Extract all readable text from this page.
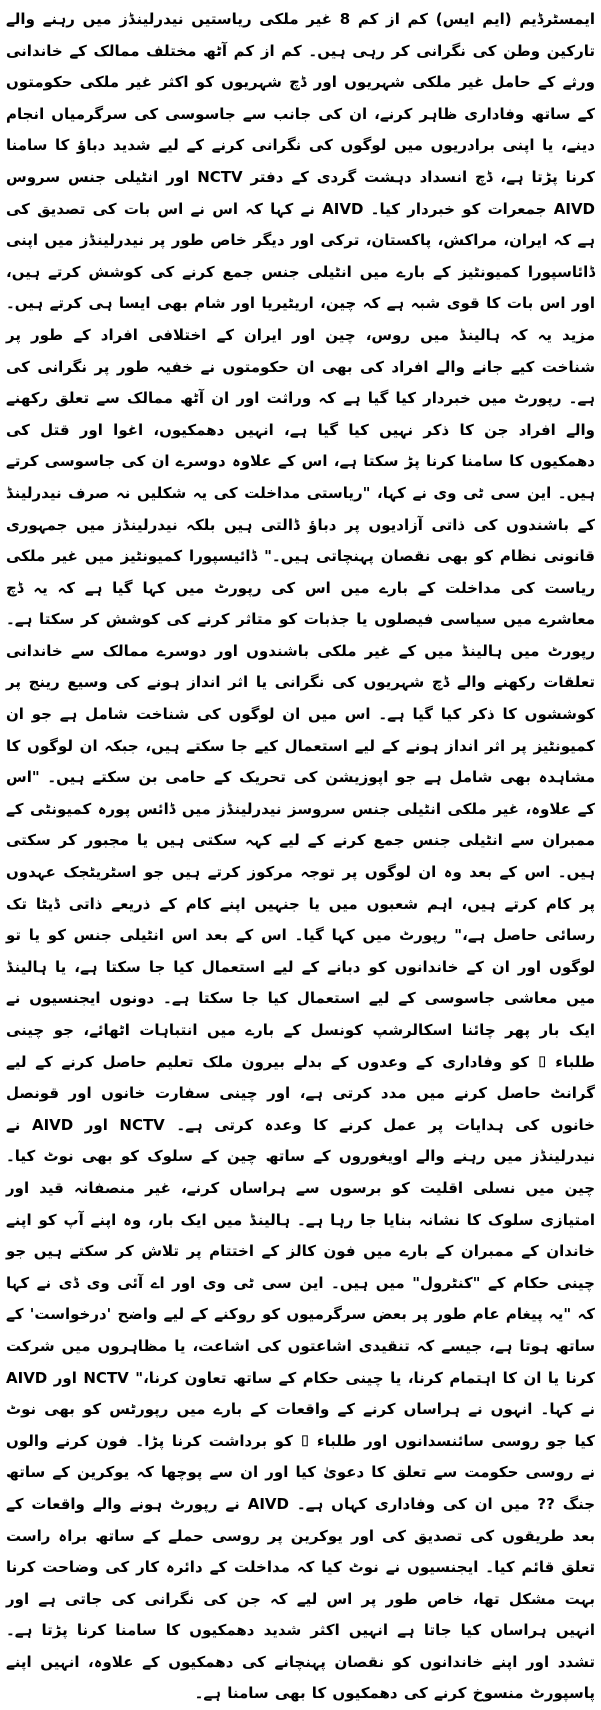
ایمسٹرڈیم (ایم ایس) کم از کم 8 غیر ملکی ریاستیں نیدرلینڈز میں رہنے والے تارکین وطن کی نگرانی کر رہی ہیں۔ کم از کم آٹھ مختلف ممالک کے خاندانی ورثے کے حامل غیر ملکی شہریوں اور ڈچ شہریوں کو اکثر غیر ملکی حکومتوں کے ساتھ وفاداری ظاہر کرنے، ان کی جانب سے جاسوسی کی سرگرمیاں انجام دینے، یا اپنی برادریوں میں لوگوں کی نگرانی کرنے کے لیے شدید دباؤ کا سامنا کرنا پڑتا ہے، ڈچ انسداد دہشت گردی کے دفتر NCTV اور انٹیلی جنس سروس AIVD جمعرات کو خبردار کیا۔ AIVD نے کہا کہ اس نے اس بات کی تصدیق کی ہے کہ ایران، مراکش، پاکستان، ترکی اور دیگر خاص طور پر نیدرلینڈز میں اپنی ڈائاسپورا کمیونٹیز کے بارے میں انٹیلی جنس جمع کرنے کی کوشش کرتے ہیں، اور اس بات کا قوی شبہ ہے کہ چین، اریٹیریا اور شام بھی ایسا ہی کرتے ہیں۔ مزید یہ کہ ہالینڈ میں روس، چین اور ایران کے اختلافی افراد کے طور پر شناخت کیے جانے والے افراد کی بھی ان حکومتوں نے خفیہ طور پر نگرانی کی ہے۔ رپورٹ میں خبردار کیا گیا ہے کہ وراثت اور ان آٹھ ممالک سے تعلق رکھنے والے افراد جن کا ذکر نہیں کیا گیا ہے، انہیں دھمکیوں، اغوا اور قتل کی دھمکیوں کا سامنا کرنا پڑ سکتا ہے، اس کے علاوہ دوسرے ان کی جاسوسی کرتے ہیں۔ این سی ٹی وی نے کہا، "ریاستی مداخلت کی یہ شکلیں نہ صرف نیدرلینڈ کے باشندوں کی ذاتی آزادیوں پر دباؤ ڈالتی ہیں بلکہ نیدرلینڈز میں جمہوری قانونی نظام کو بھی نقصان پہنچاتی ہیں۔" ڈائیسپورا کمیونٹیز میں غیر ملکی ریاست کی مداخلت کے بارے میں اس کی رپورٹ میں کہا گیا ہے کہ یہ ڈچ معاشرے میں سیاسی فیصلوں یا جذبات کو متاثر کرنے کی کوشش کر سکتا ہے۔ رپورٹ میں ہالینڈ میں کے غیر ملکی باشندوں اور دوسرے ممالک سے خاندانی تعلقات رکھنے والے ڈچ شہریوں کی نگرانی یا اثر انداز ہونے کی وسیع رینج پر کوششوں کا ذکر کیا گیا ہے۔ اس میں ان لوگوں کی شناخت شامل ہے جو ان کمیونٹیز پر اثر انداز ہونے کے لیے استعمال کیے جا سکتے ہیں، جبکہ ان لوگوں کا مشاہدہ بھی شامل ہے جو اپوزیشن کی تحریک کے حامی بن سکتے ہیں۔ "اس کے علاوہ، غیر ملکی انٹیلی جنس سروسز نیدرلینڈز میں ڈائس پورہ کمیونٹی کے ممبران سے انٹیلی جنس جمع کرنے کے لیے کہہ سکتی ہیں یا مجبور کر سکتی ہیں۔ اس کے بعد وہ ان لوگوں پر توجہ مرکوز کرتے ہیں جو اسٹریٹجک عہدوں پر کام کرتے ہیں، اہم شعبوں میں یا جنہیں اپنے کام کے ذریعے ذاتی ڈیٹا تک رسائی حاصل ہے،" رپورٹ میں کہا گیا۔ اس کے بعد اس انٹیلی جنس کو یا تو لوگوں اور ان کے خاندانوں کو دبانے کے لیے استعمال کیا جا سکتا ہے، یا ہالینڈ میں معاشی جاسوسی کے لیے استعمال کیا جا سکتا ہے۔ دونوں ایجنسیوں نے ایک بار پھر چائنا اسکالرشپ کونسل کے بارے میں انتباہات اٹھائے، جو چینی طلباء ⌷ کو وفاداری کے وعدوں کے بدلے بیرون ملک تعلیم حاصل کرنے کے لیے گرانٹ حاصل کرنے میں مدد کرتی ہے، اور چینی سفارت خانوں اور قونصل خانوں کی ہدایات پر عمل کرنے کا وعدہ کرتی ہے۔ NCTV اور AIVD نے نیدرلینڈز میں رہنے والے اویغوروں کے ساتھ چین کے سلوک کو بھی نوٹ کیا۔ چین میں نسلی اقلیت کو برسوں سے ہراساں کرنے، غیر منصفانہ قید اور امتیازی سلوک کا نشانہ بنایا جا رہا ہے۔ ہالینڈ میں ایک بار، وہ اپنے آپ کو اپنے خاندان کے ممبران کے بارے میں فون کالز کے اختتام پر تلاش کر سکتے ہیں جو چینی حکام کے "کنٹرول" میں ہیں۔ این سی ٹی وی اور اے آئی وی ڈی نے کہا کہ "یہ پیغام عام طور پر بعض سرگرمیوں کو روکنے کے لیے واضح 'درخواست' کے ساتھ ہوتا ہے، جیسے کہ تنقیدی اشاعتوں کی اشاعت، یا مظاہروں میں شرکت کرنا یا ان کا اہتمام کرنا، یا چینی حکام کے ساتھ تعاون کرنا،" NCTV اور AIVD نے کہا۔ انہوں نے ہراساں کرنے کے واقعات کے بارے میں رپورٹس کو بھی نوٹ کیا جو روسی سائنسدانوں اور طلباء ⌷ کو برداشت کرنا پڑا۔ فون کرنے والوں نے روسی حکومت سے تعلق کا دعویٰ کیا اور ان سے پوچھا کہ یوکرین کے ساتھ جنگ ?? میں ان کی وفاداری کہاں ہے۔ AIVD نے رپورٹ ہونے والے واقعات کے بعد طریقوں کی تصدیق کی اور یوکرین پر روسی حملے کے ساتھ براہ راست تعلق قائم کیا۔ ایجنسیوں نے نوٹ کیا کہ مداخلت کے دائرہ کار کی وضاحت کرنا بہت مشکل تھا، خاص طور پر اس لیے کہ جن کی نگرانی کی جاتی ہے اور انہیں ہراساں کیا جاتا ہے انہیں اکثر شدید دھمکیوں کا سامنا کرنا پڑتا ہے۔ تشدد اور اپنے خاندانوں کو نقصان پہنچانے کی دھمکیوں کے علاوہ، انہیں اپنے پاسپورٹ منسوخ کرنے کی دھمکیوں کا بھی سامنا ہے۔
